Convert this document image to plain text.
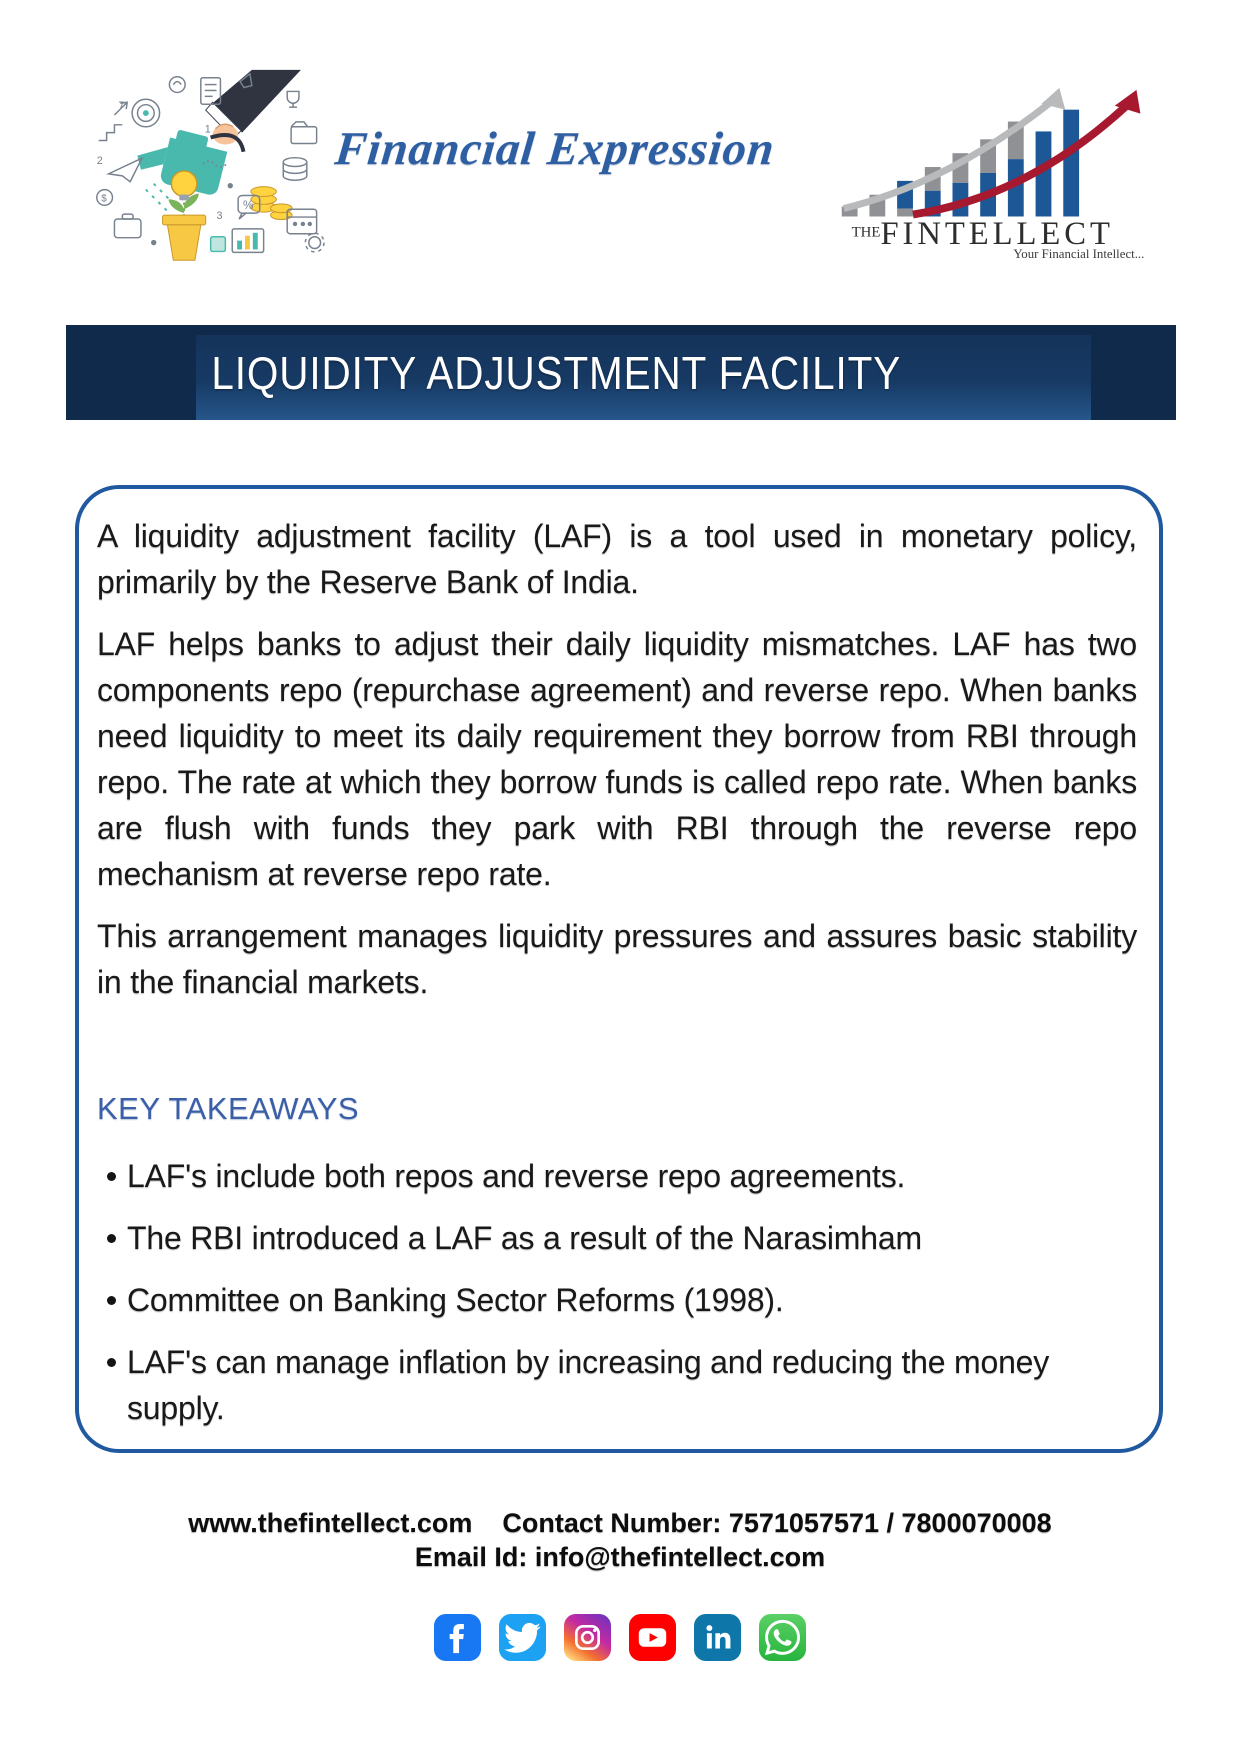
$
%
7
2
1
3
Financial Expression
THEFINTELLECT
Your Financial Intellect...
LIQUIDITY ADJUSTMENT FACILITY

A liquidity adjustment facility (LAF) is a tool used in monetary policy, primarily by the Reserve Bank of India.

LAF helps banks to adjust their daily liquidity mismatches. LAF has two components repo (repurchase agreement) and reverse repo. When banks need liquidity to meet its daily requirement they borrow from RBI through repo. The rate at which they borrow funds is called repo rate. When banks are flush with funds they park with RBI through the reverse repo mechanism at reverse repo rate.

This arrangement manages liquidity pressures and assures basic stability in the financial markets.

KEY TAKEAWAYS
LAF's include both repos and reverse repo agreements.
The RBI introduced a LAF as a result of the Narasimham
Committee on Banking Sector Reforms (1998).
LAF's can manage inflation by increasing and reducing the money supply.
www.thefintellect.com Contact Number: 7571057571 / 7800070008
Email Id: info@thefintellect.com
